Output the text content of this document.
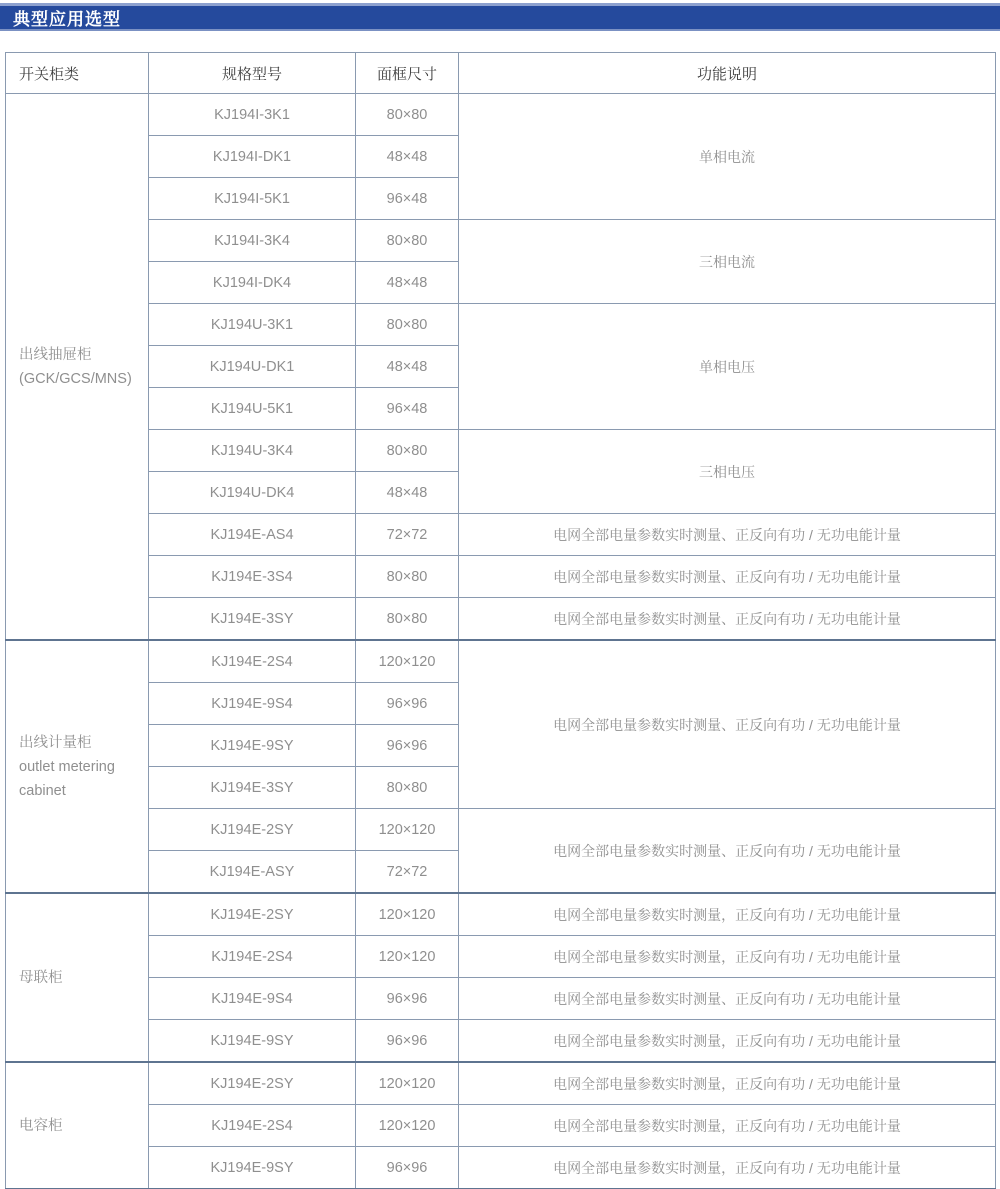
典型应用选型
开关柜类	规格型号	面框尺寸	功能说明

出线抽屉柜
(GCK/GCS/MNS)	KJ194I-3K1	80×80	单相电流
	KJ194I-DK1	48×48	
	KJ194I-5K1	96×48	
	KJ194I-3K4	80×80	三相电流
	KJ194I-DK4	48×48	
	KJ194U-3K1	80×80	单相电压
	KJ194U-DK1	48×48	
	KJ194U-5K1	96×48	
	KJ194U-3K4	80×80	三相电压
	KJ194U-DK4	48×48	
	KJ194E-AS4	72×72	电网全部电量参数实时测量、正反向有功 / 无功电能计量
	KJ194E-3S4	80×80	电网全部电量参数实时测量、正反向有功 / 无功电能计量
	KJ194E-3SY	80×80	电网全部电量参数实时测量、正反向有功 / 无功电能计量

出线计量柜
outlet metering
cabinet	KJ194E-2S4	120×120	电网全部电量参数实时测量、正反向有功 / 无功电能计量
	KJ194E-9S4	96×96	
	KJ194E-9SY	96×96	
	KJ194E-3SY	80×80	
	KJ194E-2SY	120×120	电网全部电量参数实时测量、正反向有功 / 无功电能计量
	KJ194E-ASY	72×72	

母联柜	KJ194E-2SY	120×120	电网全部电量参数实时测量，正反向有功 / 无功电能计量
	KJ194E-2S4	120×120	电网全部电量参数实时测量，正反向有功 / 无功电能计量
	KJ194E-9S4	96×96	电网全部电量参数实时测量、正反向有功 / 无功电能计量
	KJ194E-9SY	96×96	电网全部电量参数实时测量，正反向有功 / 无功电能计量

电容柜	KJ194E-2SY	120×120	电网全部电量参数实时测量，正反向有功 / 无功电能计量
	KJ194E-2S4	120×120	电网全部电量参数实时测量，正反向有功 / 无功电能计量
	KJ194E-9SY	96×96	电网全部电量参数实时测量，正反向有功 / 无功电能计量
